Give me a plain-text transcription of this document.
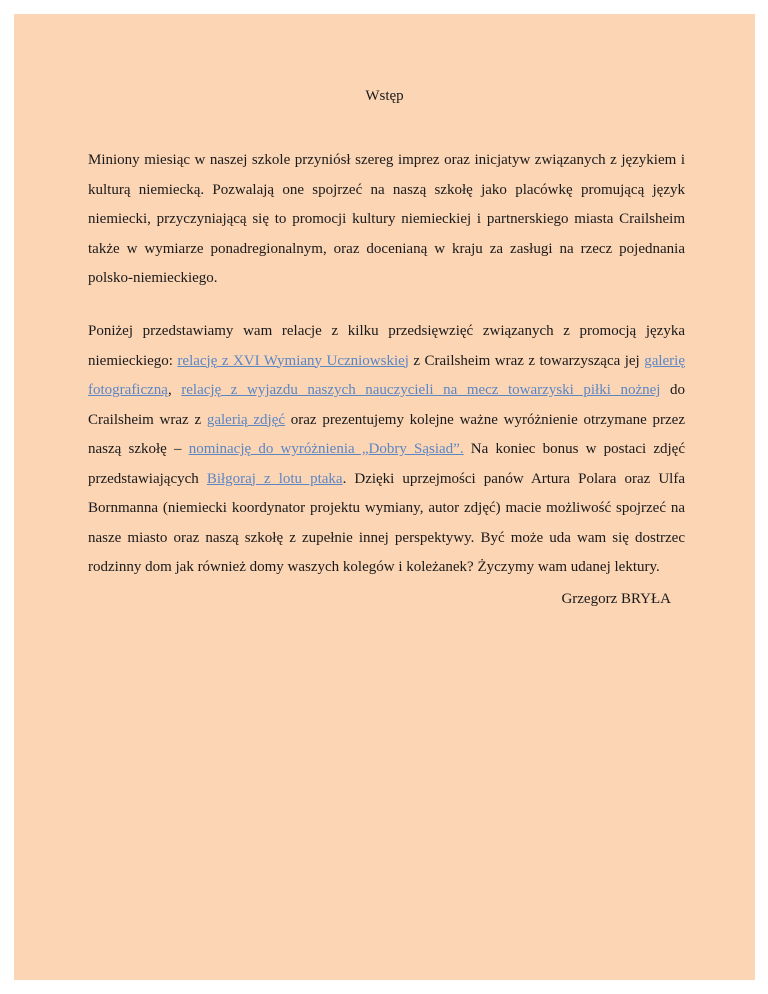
Wstęp

Miniony miesiąc w naszej szkole przyniósł szereg imprez oraz inicjatyw związanych z językiem i kulturą niemiecką. Pozwalają one spojrzeć na naszą szkołę jako placówkę promującą język niemiecki, przyczyniającą się to promocji kultury niemieckiej i partnerskiego miasta Crailsheim także w wymiarze ponadregionalnym, oraz docenianą w kraju za zasługi na rzecz pojednania polsko-niemieckiego.

Poniżej przedstawiamy wam relacje z kilku przedsięwzięć związanych z promocją języka niemieckiego: relację z XVI Wymiany Uczniowskiej z Crailsheim wraz z towarzysząca jej galerię fotograficzną, relację z wyjazdu naszych nauczycieli na mecz towarzyski piłki nożnej do Crailsheim wraz z galerią zdjęć oraz prezentujemy kolejne ważne wyróżnienie otrzymane przez naszą szkołę – nominację do wyróżnienia „Dobry Sąsiad”. Na koniec bonus w postaci zdjęć przedstawiających Biłgoraj z lotu ptaka. Dzięki uprzejmości panów Artura Polara oraz Ulfa Bornmanna (niemiecki koordynator projektu wymiany, autor zdjęć) macie możliwość spojrzeć na nasze miasto oraz naszą szkołę z zupełnie innej perspektywy. Być może uda wam się dostrzec rodzinny dom jak również domy waszych kolegów i koleżanek? Życzymy wam udanej lektury.

Grzegorz BRYŁA
